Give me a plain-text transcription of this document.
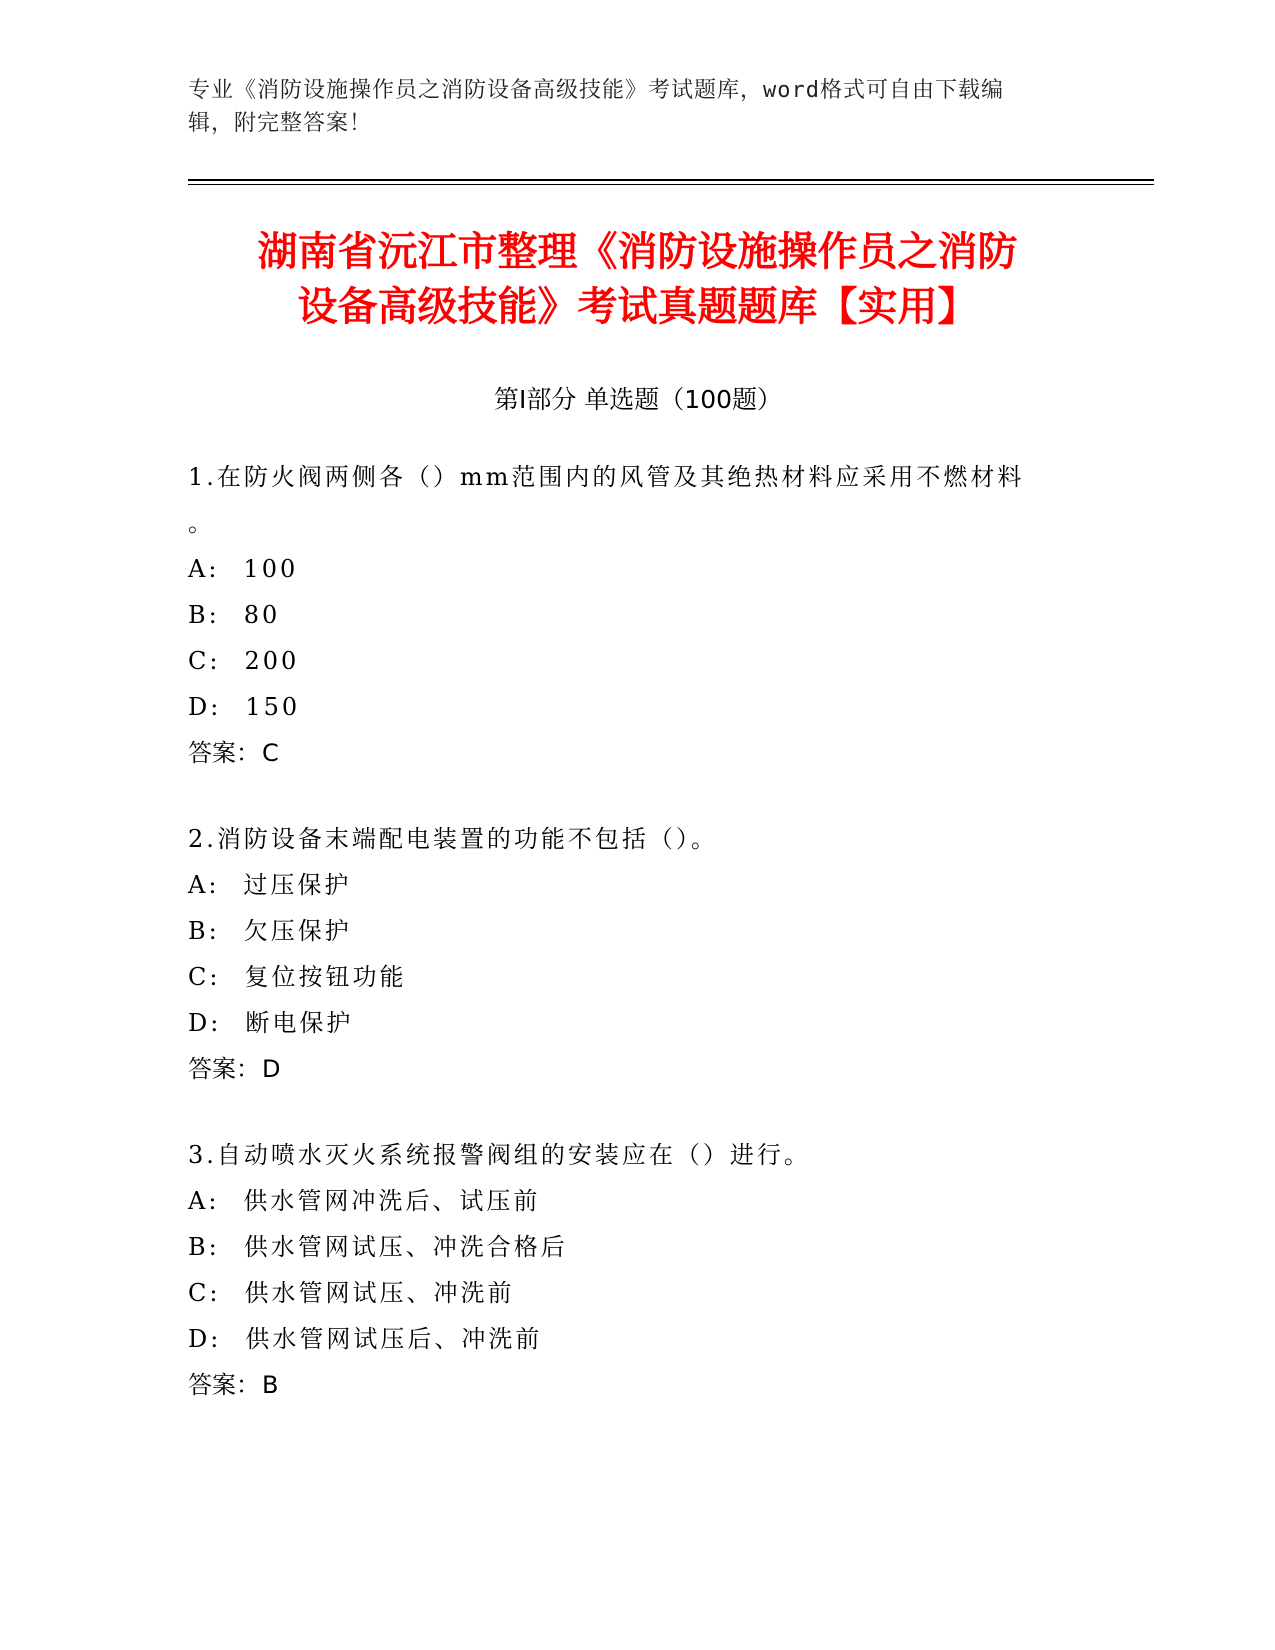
专业《消防设施操作员之消防设备高级技能》考试题库，word格式可自由下载编
辑，附完整答案！
湖南省沅江市整理《消防设施操作员之消防
设备高级技能》考试真题题库【实用】
第Ⅰ部分 单选题（100题）
1.在防火阀两侧各（）mm范围内的风管及其绝热材料应采用不燃材料
。
A: 100
B: 80
C: 200
D: 150
答案：C
2.消防设备末端配电装置的功能不包括（）。
A: 过压保护
B: 欠压保护
C: 复位按钮功能
D: 断电保护
答案：D
3.自动喷水灭火系统报警阀组的安装应在（）进行。
A: 供水管网冲洗后、试压前
B: 供水管网试压、冲洗合格后
C: 供水管网试压、冲洗前
D: 供水管网试压后、冲洗前
答案：B
